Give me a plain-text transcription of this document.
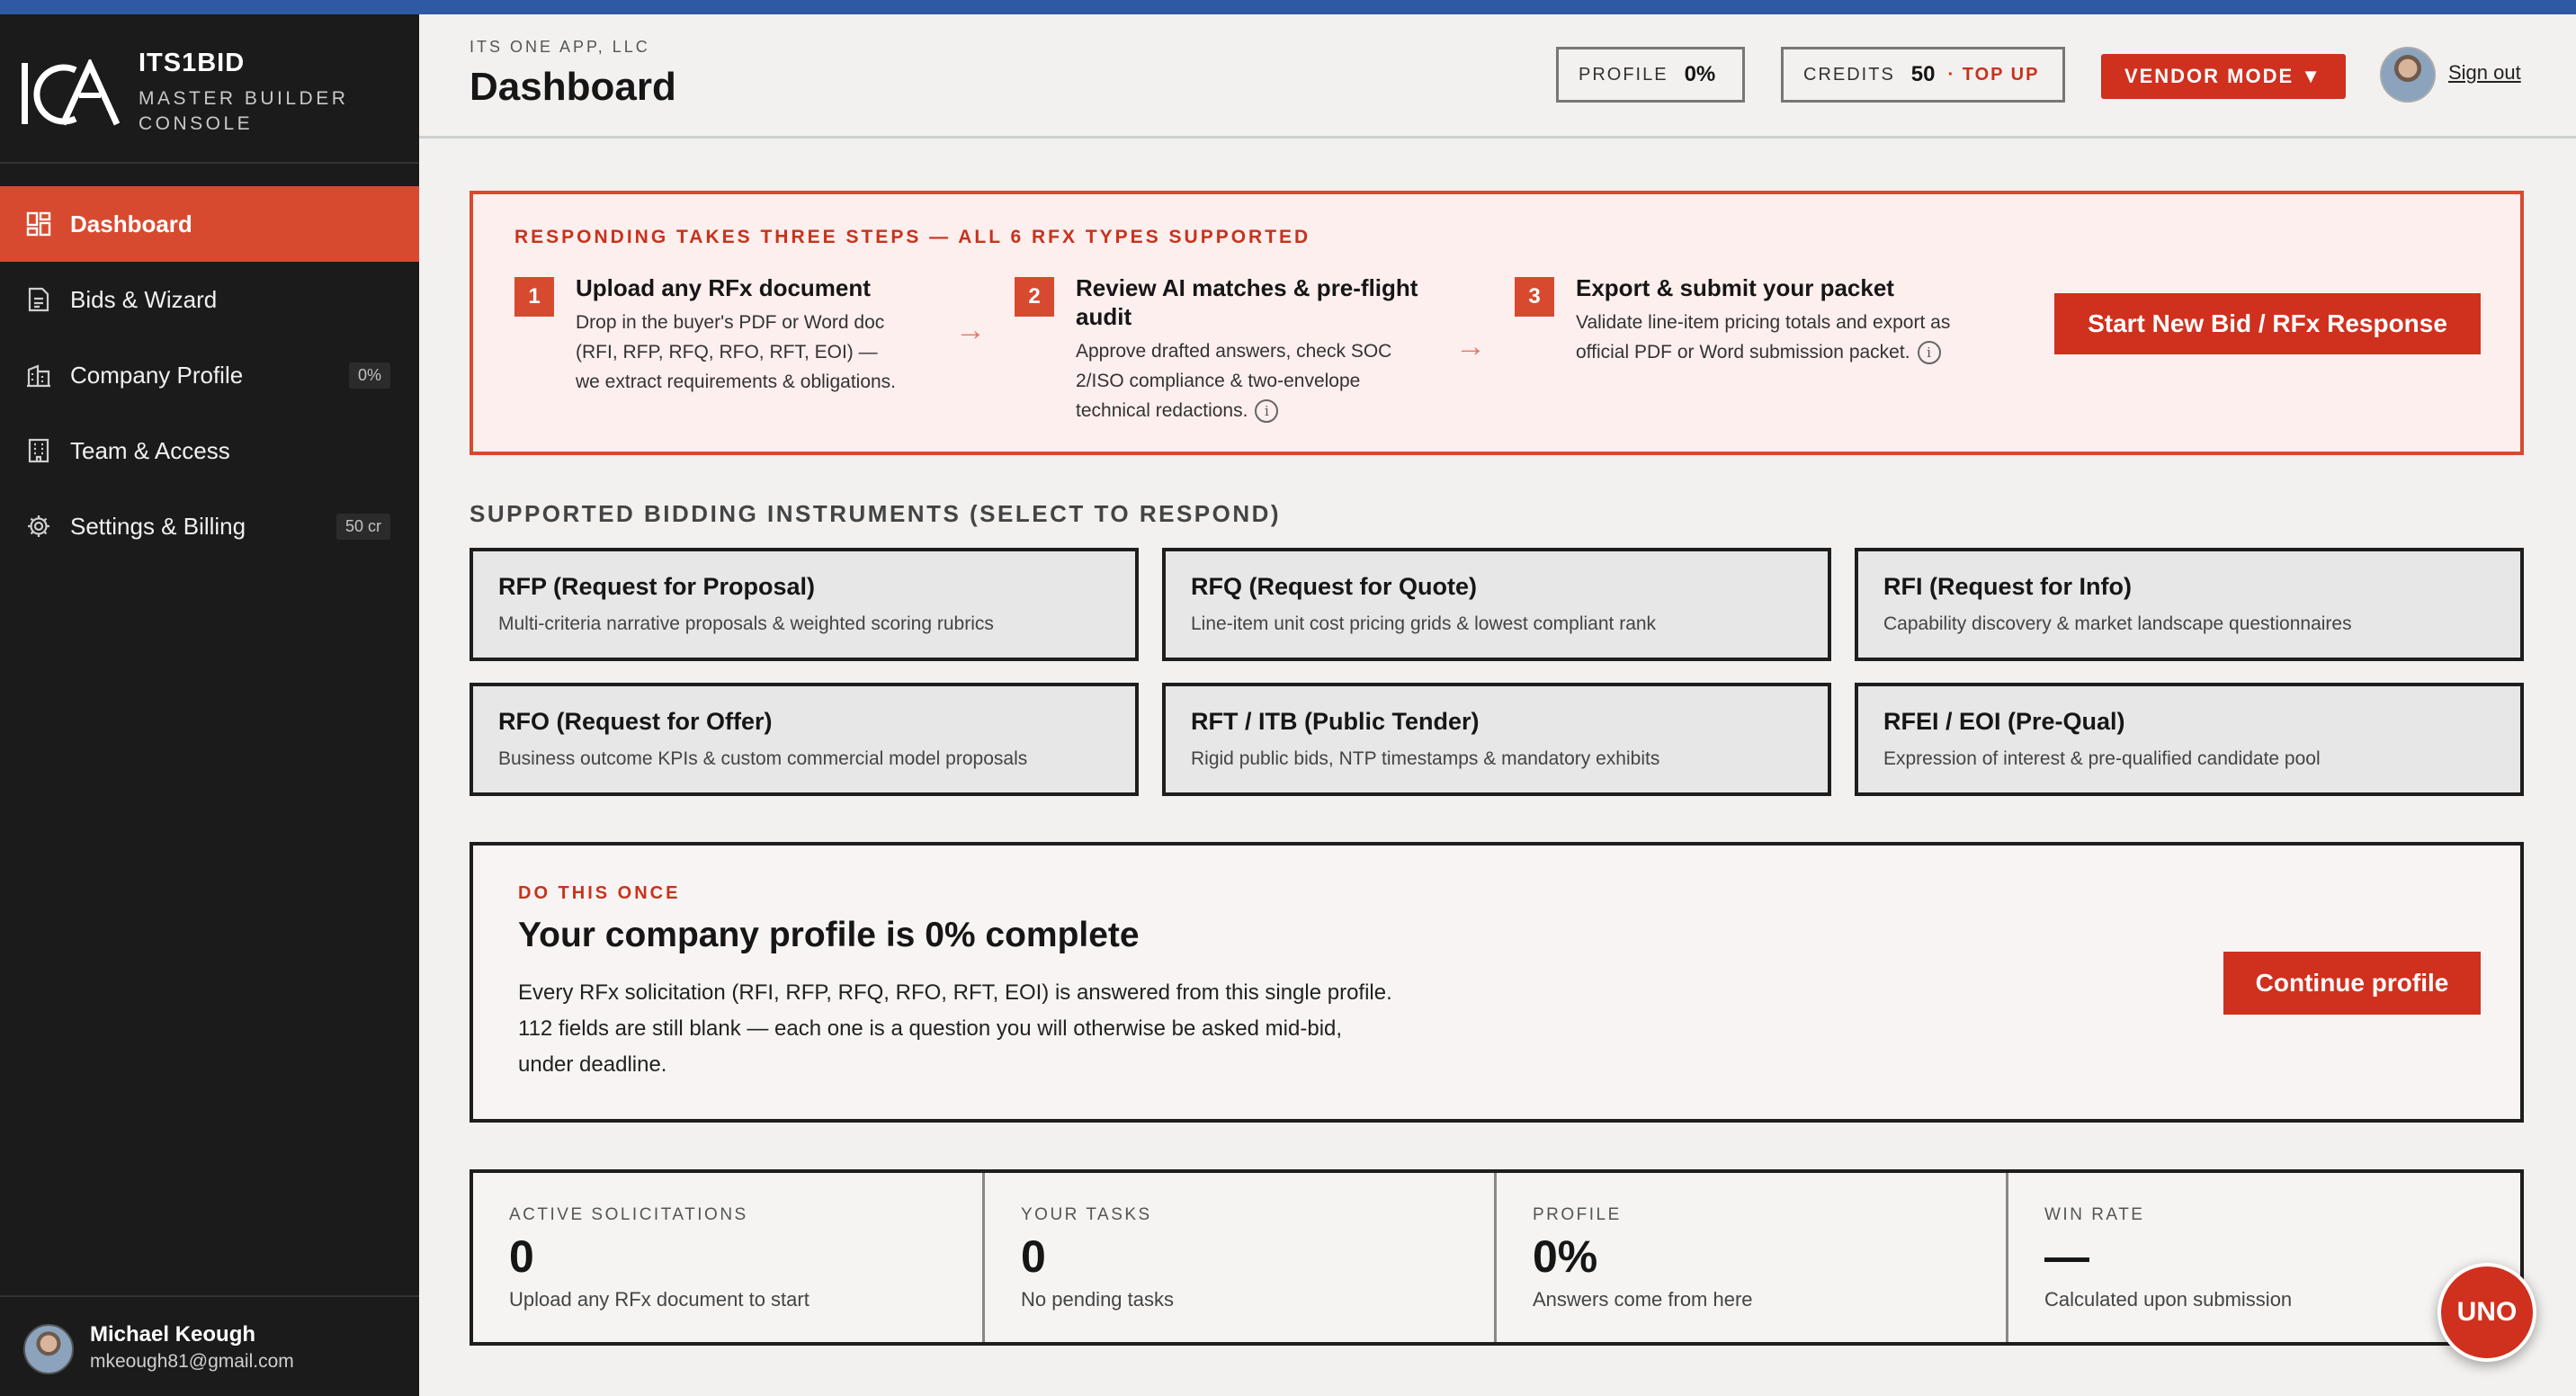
ITS1BID
MASTER BUILDER CONSOLE
Dashboard
Bids & Wizard
Company Profile	0%
Team & Access
Settings & Billing	50 cr
Michael Keough
mkeough81@gmail.com
ITS ONE APP, LLC
Dashboard	PROFILE 0%	CREDITS 50 · TOP UP	VENDOR MODE ▼	Sign out
RESPONDING TAKES THREE STEPS — ALL 6 RFX TYPES SUPPORTED
1	Upload any RFx document
Drop in the buyer's PDF or Word doc
(RFI, RFP, RFQ, RFO, RFT, EOI) —
we extract requirements & obligations.
→
2	Review AI matches & pre-flight
audit
Approve drafted answers, check SOC
2/ISO compliance & two-envelope
technical redactions. i
→
3	Export & submit your packet
Validate line-item pricing totals and export as
official PDF or Word submission packet. i
Start New Bid / RFx Response
SUPPORTED BIDDING INSTRUMENTS (SELECT TO RESPOND)
RFP (Request for Proposal)
Multi-criteria narrative proposals & weighted scoring rubrics
RFQ (Request for Quote)
Line-item unit cost pricing grids & lowest compliant rank
RFI (Request for Info)
Capability discovery & market landscape questionnaires
RFO (Request for Offer)
Business outcome KPIs & custom commercial model proposals
RFT / ITB (Public Tender)
Rigid public bids, NTP timestamps & mandatory exhibits
RFEI / EOI (Pre-Qual)
Expression of interest & pre-qualified candidate pool
DO THIS ONCE
Your company profile is 0% complete
Every RFx solicitation (RFI, RFP, RFQ, RFO, RFT, EOI) is answered from this single profile.
112 fields are still blank — each one is a question you will otherwise be asked mid-bid,
under deadline.
Continue profile
ACTIVE SOLICITATIONS
0
Upload any RFx document to start
YOUR TASKS
0
No pending tasks
PROFILE
0%
Answers come from here
WIN RATE
—
Calculated upon submission	UNO
